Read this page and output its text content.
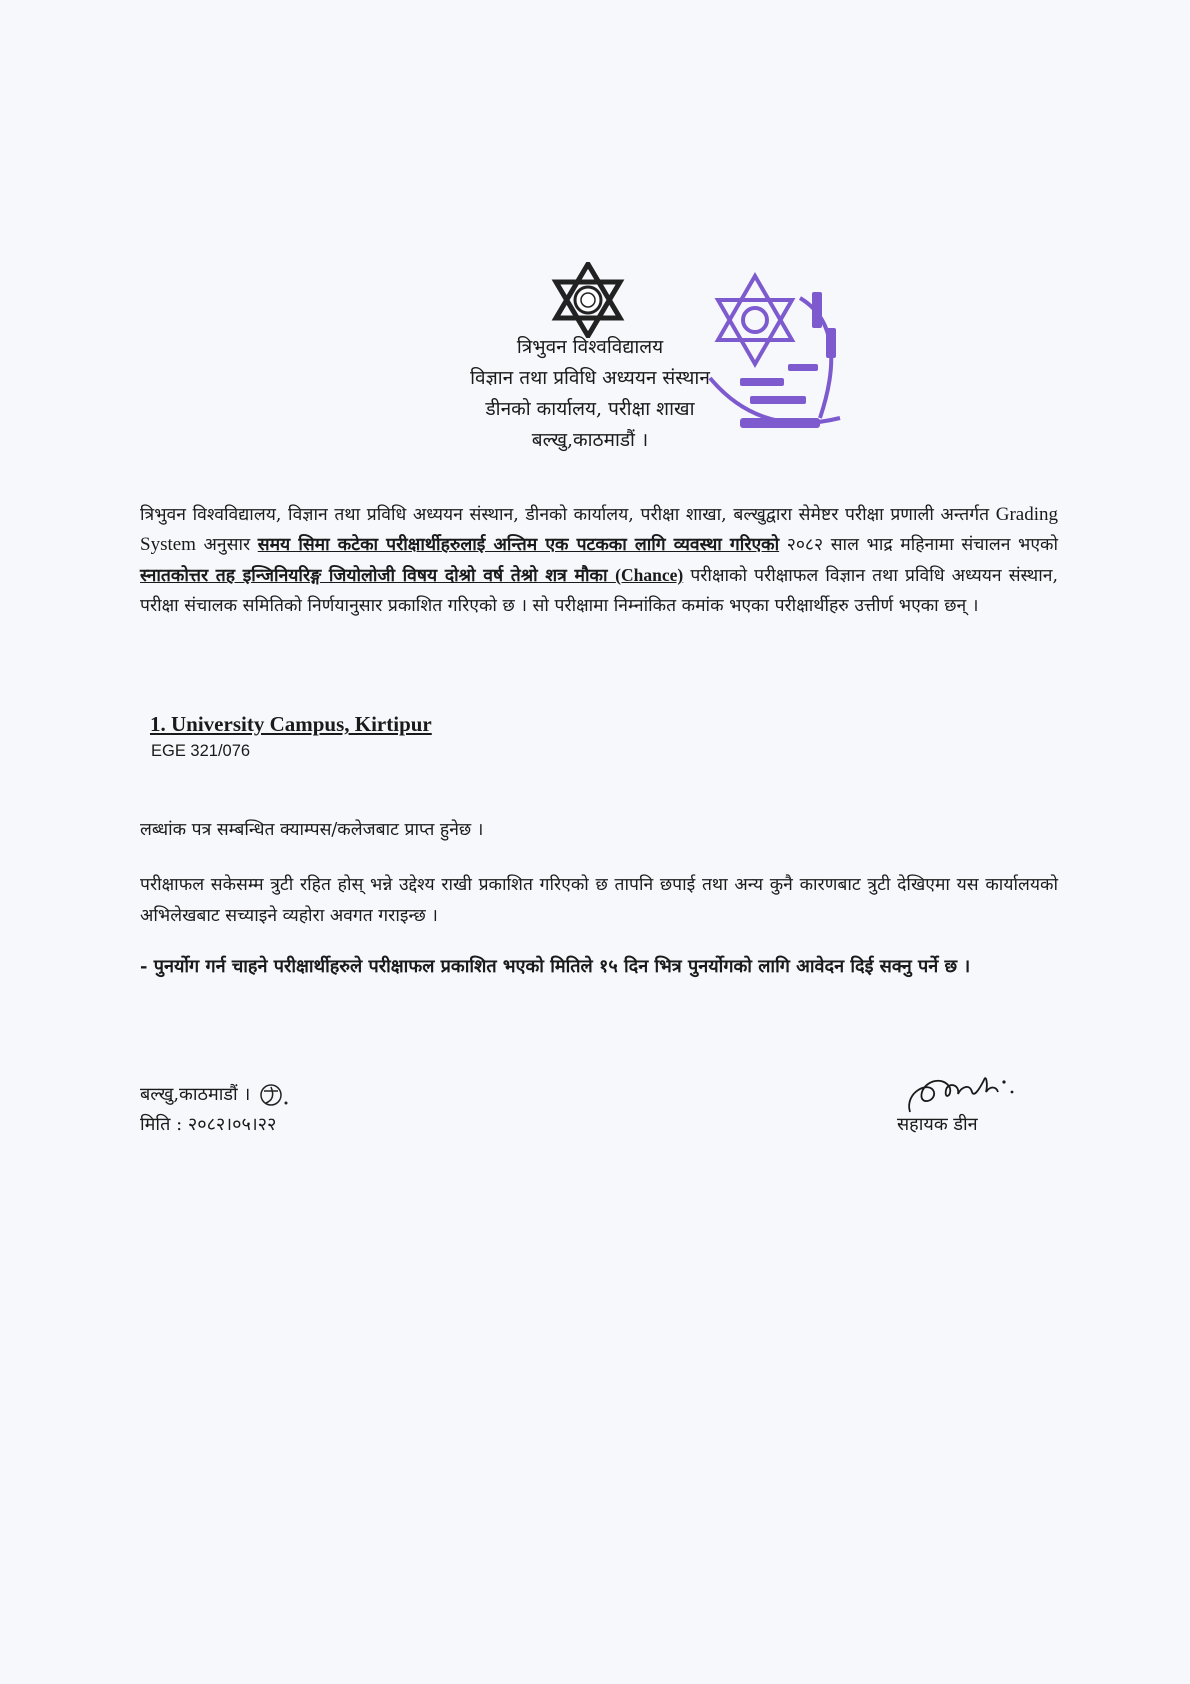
त्रिभुवन विश्वविद्यालय
विज्ञान तथा प्रविधि अध्ययन संस्थान
डीनको कार्यालय, परीक्षा शाखा
बल्खु,काठमाडौं ।
त्रिभुवन विश्वविद्यालय, विज्ञान तथा प्रविधि अध्ययन संस्थान, डीनको कार्यालय, परीक्षा शाखा, बल्खुद्वारा सेमेष्टर परीक्षा प्रणाली अन्तर्गत Grading System अनुसार समय सिमा कटेका परीक्षार्थीहरुलाई अन्तिम एक पटकका लागि व्यवस्था गरिएको २०८२ साल भाद्र महिनामा संचालन भएको स्नातकोत्तर तह इन्जिनियरिङ्ग जियोलोजी विषय दोश्रो वर्ष तेश्रो शत्र मौका (Chance) परीक्षाको परीक्षाफल विज्ञान तथा प्रविधि अध्ययन संस्थान, परीक्षा संचालक समितिको निर्णयानुसार प्रकाशित गरिएको छ । सो परीक्षामा निम्नांकित कमांक भएका परीक्षार्थीहरु उत्तीर्ण भएका छन् ।
1. University Campus, Kirtipur
EGE 321/076
लब्धांक पत्र सम्बन्धित क्याम्पस/कलेजबाट प्राप्त हुनेछ ।
परीक्षाफल सकेसम्म त्रुटी रहित होस् भन्ने उद्देश्य राखी प्रकाशित गरिएको छ तापनि छपाई तथा अन्य कुनै कारणबाट त्रुटी देखिएमा यस कार्यालयको अभिलेखबाट सच्याइने व्यहोरा अवगत गराइन्छ ।
- पुनर्योग गर्न चाहने परीक्षार्थीहरुले परीक्षाफल प्रकाशित भएको मितिले १५ दिन भित्र पुनर्योगको लागि आवेदन दिई सक्नु पर्ने छ ।
बल्खु,काठमाडौं ।
मिति : २०८२।०५।२२	सहायक डीन
